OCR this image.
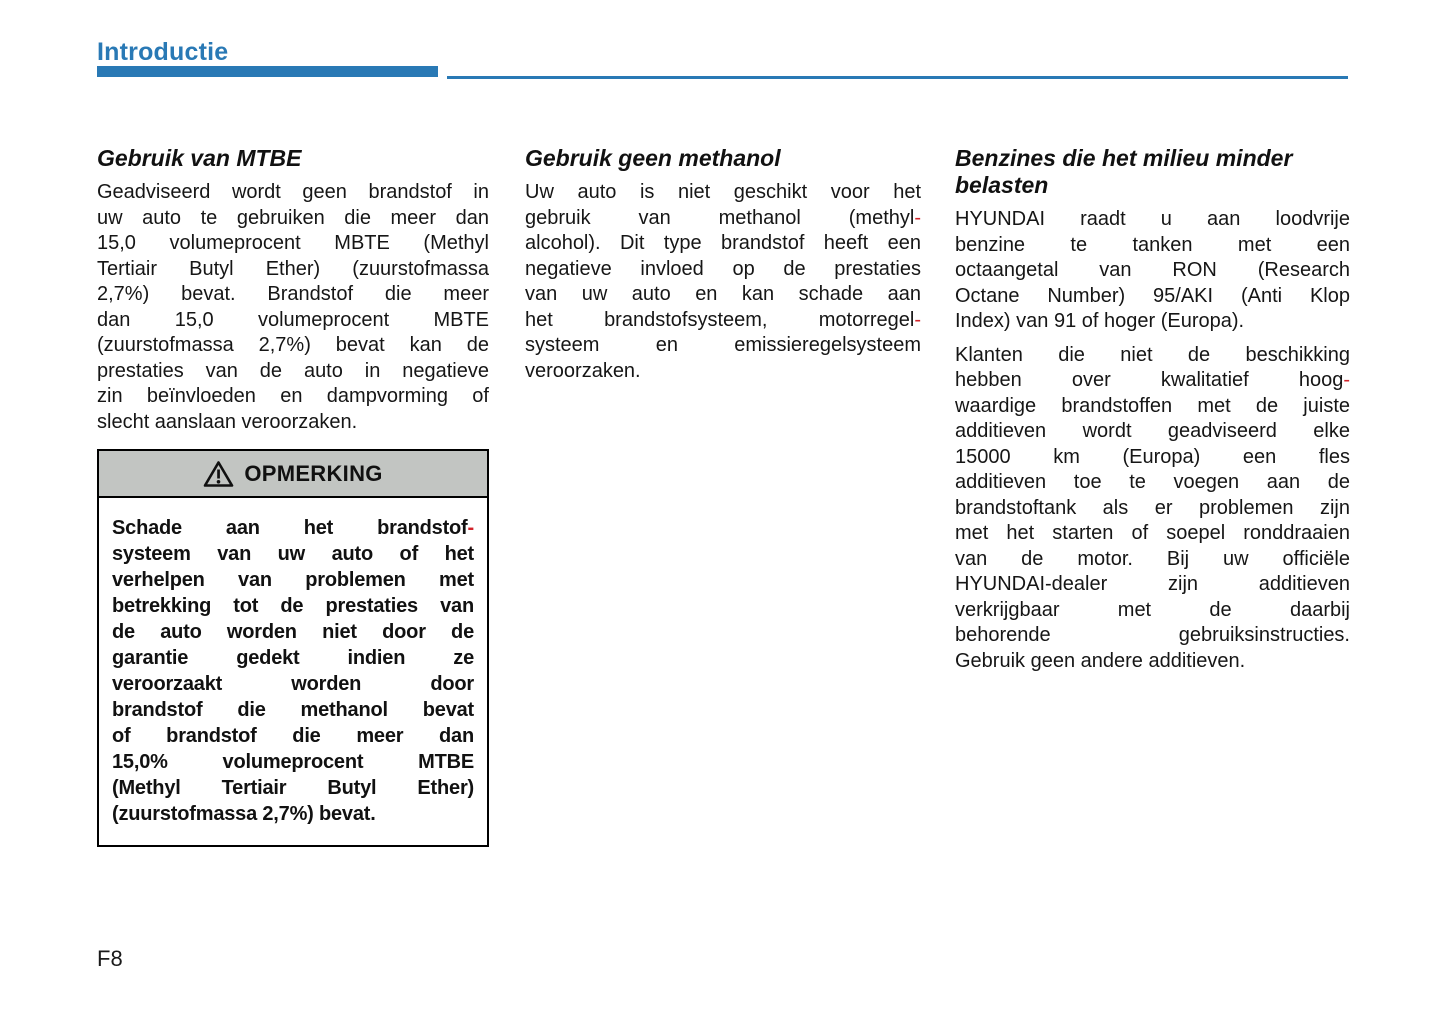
Introductie
Gebruik van MTBE
Geadviseerd wordt geen brandstof in
uw auto te gebruiken die meer dan
15,0 volumeprocent MBTE (Methyl
Tertiair Butyl Ether) (zuurstofmassa
2,7%) bevat. Brandstof die meer
dan 15,0 volumeprocent MBTE
(zuurstofmassa 2,7%) bevat kan de
prestaties van de auto in negatieve
zin beïnvloeden en dampvorming of
slecht aanslaan veroorzaken.
OPMERKING
Schade aan het brandstof-
systeem van uw auto of het
verhelpen van problemen met
betrekking tot de prestaties van
de auto worden niet door de
garantie gedekt indien ze
veroorzaakt worden door
brandstof die methanol bevat
of brandstof die meer dan
15,0% volumeprocent MTBE
(Methyl Tertiair Butyl Ether)
(zuurstofmassa 2,7%) bevat.
Gebruik geen methanol
Uw auto is niet geschikt voor het
gebruik van methanol (methyl-
alcohol). Dit type brandstof heeft een
negatieve invloed op de prestaties
van uw auto en kan schade aan
het brandstofsysteem, motorregel-
systeem en emissieregelsysteem
veroorzaken.
Benzines die het milieu minder belasten
HYUNDAI raadt u aan loodvrije
benzine te tanken met een
octaangetal van RON (Research
Octane Number) 95/AKI (Anti Klop
Index) van 91 of hoger (Europa).
Klanten die niet de beschikking
hebben over kwalitatief hoog-
waardige brandstoffen met de juiste
additieven wordt geadviseerd elke
15000 km (Europa) een fles
additieven toe te voegen aan de
brandstoftank als er problemen zijn
met het starten of soepel ronddraaien
van de motor. Bij uw officiële
HYUNDAI-dealer zijn additieven
verkrijgbaar met de daarbij
behorende gebruiksinstructies.
Gebruik geen andere additieven.
F8
